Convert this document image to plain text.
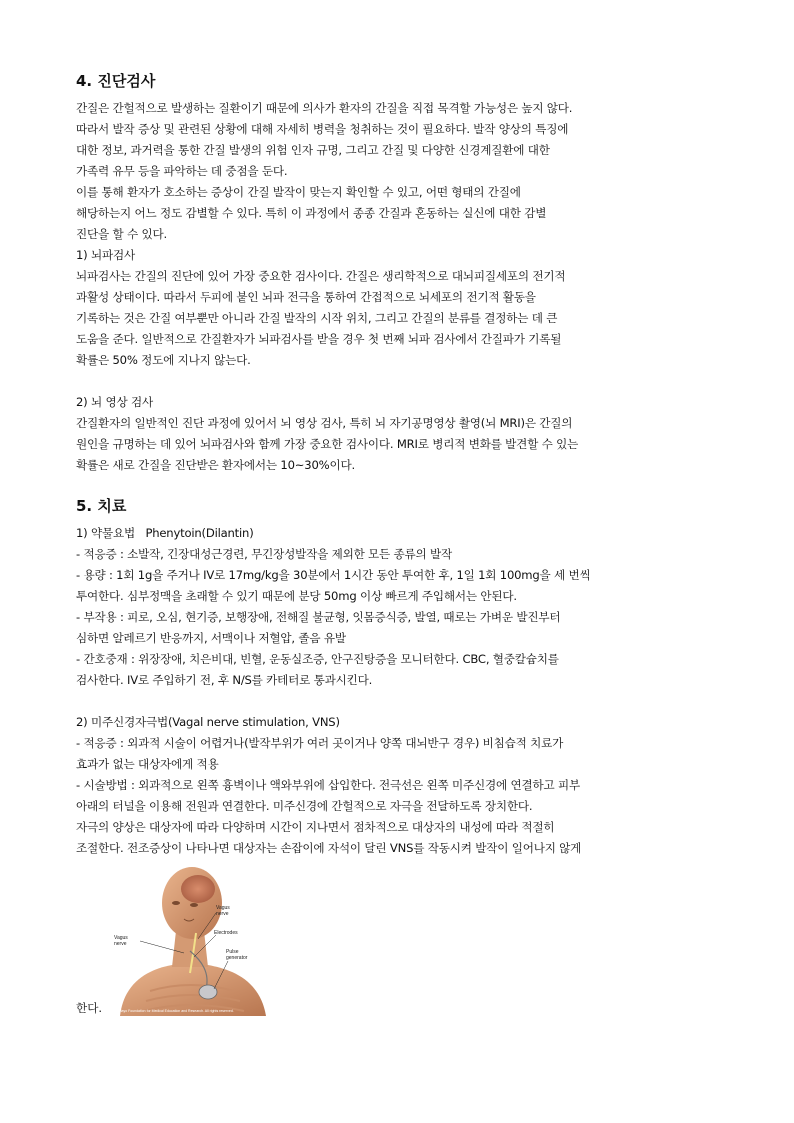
4. 진단검사
간질은 간헐적으로 발생하는 질환이기 때문에 의사가 환자의 간질을 직접 목격할 가능성은 높지 않다.
따라서 발작 증상 및 관련된 상황에 대해 자세히 병력을 청취하는 것이 필요하다. 발작 양상의 특징에
대한 정보, 과거력을 통한 간질 발생의 위험 인자 규명, 그리고 간질 및 다양한 신경계질환에 대한
가족력 유무 등을 파악하는 데 중점을 둔다.
이를 통해 환자가 호소하는 증상이 간질 발작이 맞는지 확인할 수 있고, 어떤 형태의 간질에
해당하는지 어느 정도 감별할 수 있다. 특히 이 과정에서 종종 간질과 혼동하는 실신에 대한 감별
진단을 할 수 있다.
1) 뇌파검사
뇌파검사는 간질의 진단에 있어 가장 중요한 검사이다. 간질은 생리학적으로 대뇌피질세포의 전기적
과활성 상태이다. 따라서 두피에 붙인 뇌파 전극을 통하여 간접적으로 뇌세포의 전기적 활동을
기록하는 것은 간질 여부뿐만 아니라 간질 발작의 시작 위치, 그리고 간질의 분류를 결정하는 데 큰
도움을 준다. 일반적으로 간질환자가 뇌파검사를 받을 경우 첫 번째 뇌파 검사에서 간질파가 기록될
확률은 50% 정도에 지나지 않는다.
2) 뇌 영상 검사
간질환자의 일반적인 진단 과정에 있어서 뇌 영상 검사, 특히 뇌 자기공명영상 촬영(뇌 MRI)은 간질의
원인을 규명하는 데 있어 뇌파검사와 함께 가장 중요한 검사이다. MRI로 병리적 변화를 발견할 수 있는
확률은 새로 간질을 진단받은 환자에서는 10~30%이다.
5. 치료
1) 약물요법   Phenytoin(Dilantin)
- 적응증 : 소발작, 긴장대성근경련, 무긴장성발작을 제외한 모든 종류의 발작
- 용량 : 1회 1g을 주거나 IV로 17mg/kg을 30분에서 1시간 동안 투여한 후, 1일 1회 100mg을 세 번씩
투여한다. 심부정맥을 초래할 수 있기 때문에 분당 50mg 이상 빠르게 주입해서는 안된다.
- 부작용 : 피로, 오심, 현기증, 보행장애, 전해질 불균형, 잇몸증식증, 발열, 때로는 가벼운 발진부터
심하면 알레르기 반응까지, 서맥이나 저혈압, 졸음 유발
- 간호중재 : 위장장애, 치은비대, 빈혈, 운동실조증, 안구진탕증을 모니터한다. CBC, 혈중칼슘치를
검사한다. IV로 주입하기 전, 후 N/S를 카테터로 통과시킨다.
2) 미주신경자극법(Vagal nerve stimulation, VNS)
- 적응증 : 외과적 시술이 어렵거나(발작부위가 여러 곳이거나 양쪽 대뇌반구 경우) 비침습적 치료가
효과가 없는 대상자에게 적용
- 시술방법 : 외과적으로 왼쪽 흉벽이나 액와부위에 삽입한다. 전극선은 왼쪽 미주신경에 연결하고 피부
아래의 터널을 이용해 전원과 연결한다. 미주신경에 간헐적으로 자극을 전달하도록 장치한다.
자극의 양상은 대상자에 따라 다양하며 시간이 지나면서 점차적으로 대상자의 내성에 따라 적절히
조절한다. 전조증상이 나타나면 대상자는 손잡이에 자석이 달린 VNS를 작동시켜 발작이 일어나지 않게
한다.
Vagus
nerve
Vagus
nerve
Electrodes
Pulse
generator
©Mayo Foundation for Medical Education and Research. All rights reserved.
